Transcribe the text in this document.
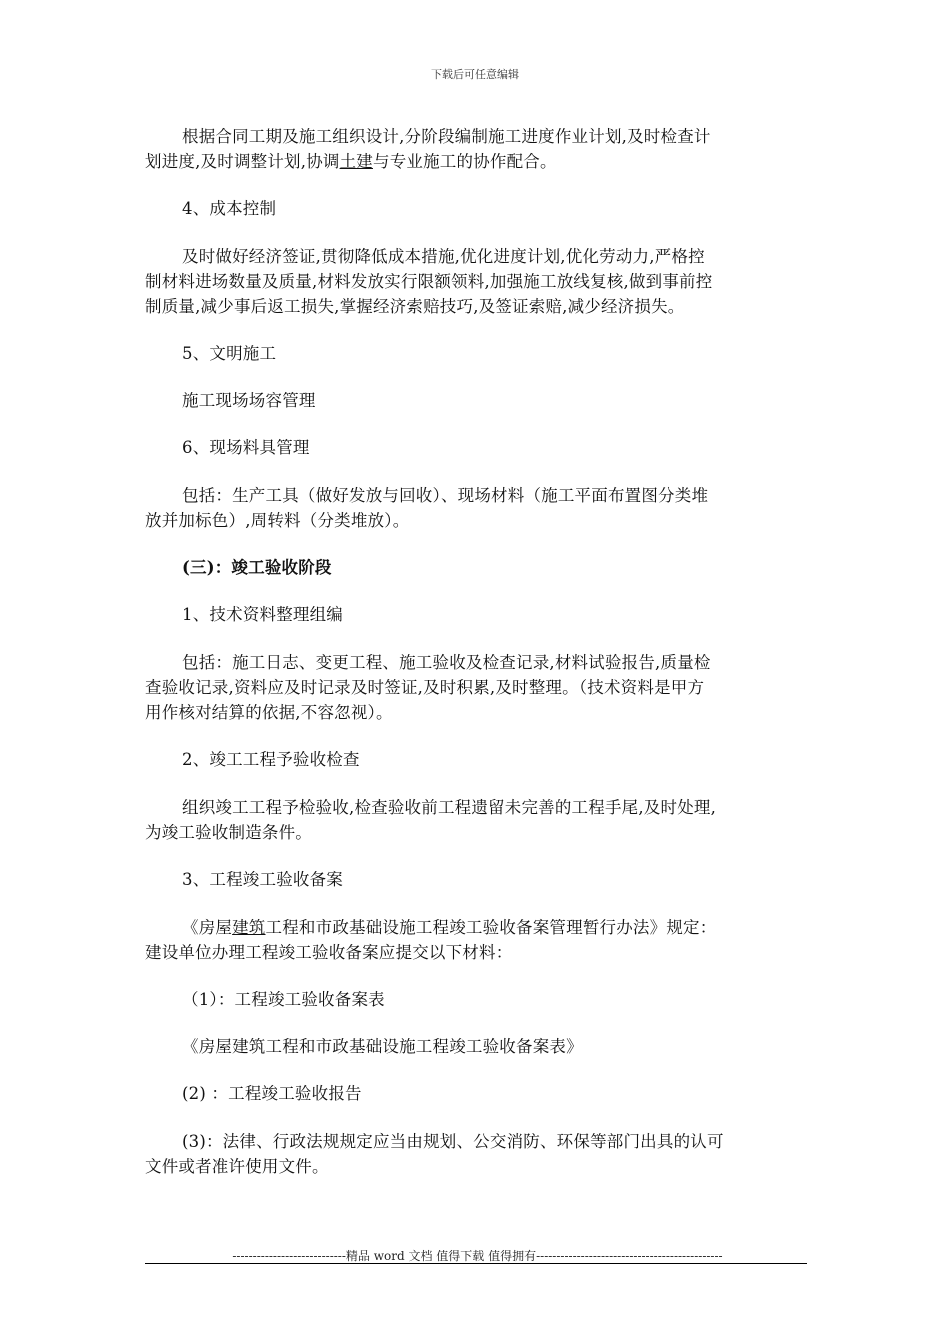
下载后可任意编辑
根据合同工期及施工组织设计,分阶段编制施工进度作业计划,及时检查计
划进度,及时调整计划,协调土建与专业施工的协作配合。
4、成本控制
及时做好经济签证,贯彻降低成本措施,优化进度计划,优化劳动力,严格控
制材料进场数量及质量,材料发放实行限额领料,加强施工放线复核,做到事前控
制质量,减少事后返工损失,掌握经济索赔技巧,及签证索赔,减少经济损失。
5、文明施工
施工现场场容管理
6、现场料具管理
包括：生产工具（做好发放与回收）、现场材料（施工平面布置图分类堆
放并加标色）,周转料（分类堆放）。
(三)：竣工验收阶段
1、技术资料整理组编
包括：施工日志、变更工程、施工验收及检查记录,材料试验报告,质量检
查验收记录,资料应及时记录及时签证,及时积累,及时整理。（技术资料是甲方
用作核对结算的依据,不容忽视）。
2、竣工工程予验收检查
组织竣工工程予检验收,检查验收前工程遗留未完善的工程手尾,及时处理,
为竣工验收制造条件。
3、工程竣工验收备案
《房屋建筑工程和市政基础设施工程竣工验收备案管理暂行办法》规定：
建设单位办理工程竣工验收备案应提交以下材料：
（1）：工程竣工验收备案表
《房屋建筑工程和市政基础设施工程竣工验收备案表》
(2) ：工程竣工验收报告
(3)：法律、行政法规规定应当由规划、公交消防、环保等部门出具的认可
文件或者准许使用文件。
----------------------------精品 word 文档 值得下载 值得拥有----------------------------------------------
